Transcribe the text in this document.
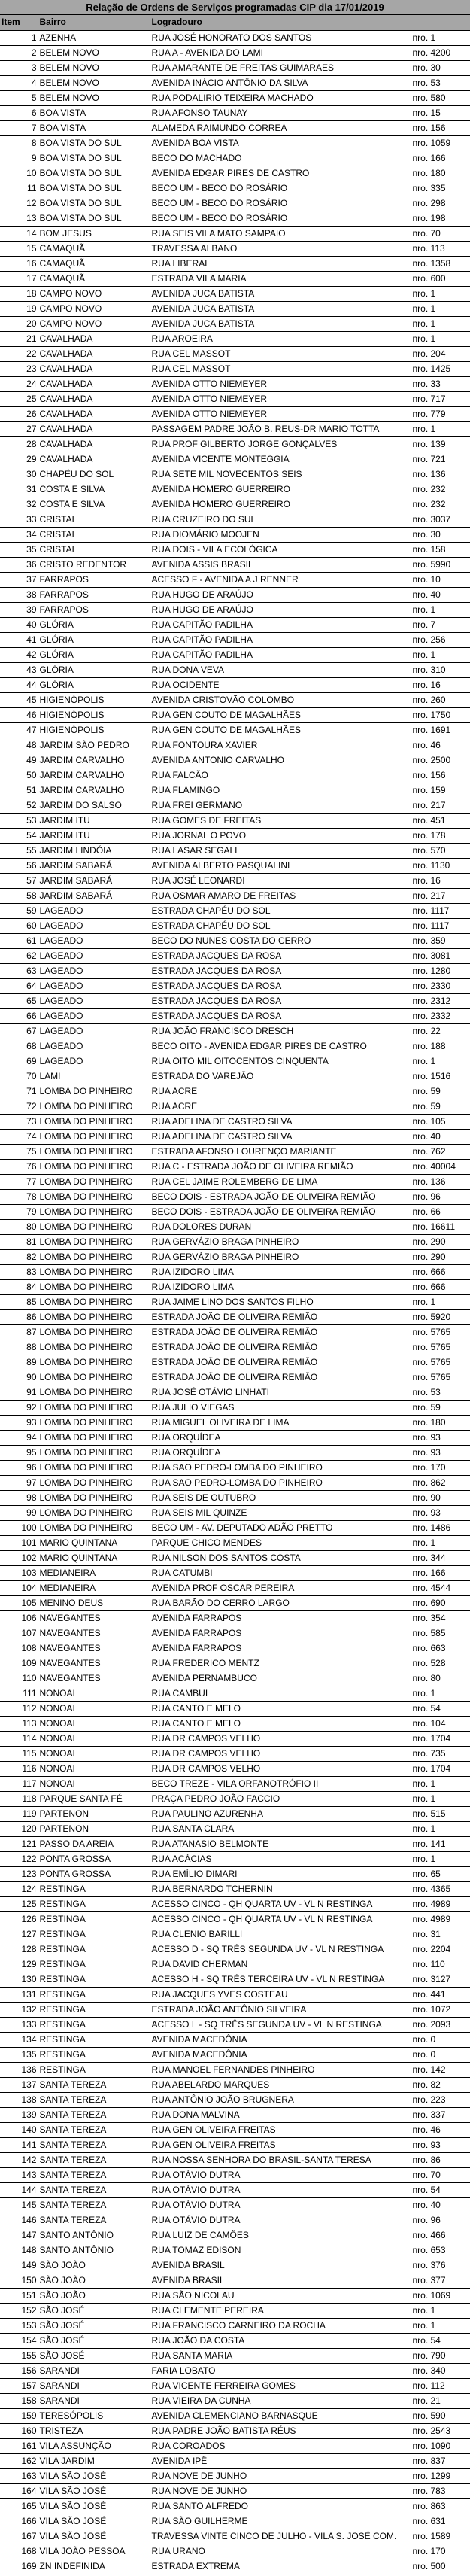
Relação de Ordens de Serviços programadas CIP dia 17/01/2019
Item	Bairro	Logradouro	
1	AZENHA	RUA JOSÉ HONORATO DOS SANTOS	nro. 1
2	BELEM NOVO	RUA A - AVENIDA DO LAMI	nro. 4200
3	BELEM NOVO	RUA AMARANTE DE FREITAS GUIMARAES	nro. 30
4	BELEM NOVO	AVENIDA INÁCIO ANTÔNIO DA SILVA	nro. 53
5	BELEM NOVO	RUA PODALIRIO TEIXEIRA MACHADO	nro. 580
6	BOA VISTA	RUA AFONSO TAUNAY	nro. 15
7	BOA VISTA	ALAMEDA RAIMUNDO CORREA	nro. 156
8	BOA VISTA DO SUL	AVENIDA BOA VISTA	nro. 1059
9	BOA VISTA DO SUL	BECO DO MACHADO	nro. 166
10	BOA VISTA DO SUL	AVENIDA EDGAR PIRES DE CASTRO	nro. 180
11	BOA VISTA DO SUL	BECO UM - BECO DO ROSÁRIO	nro. 335
12	BOA VISTA DO SUL	BECO UM - BECO DO ROSÁRIO	nro. 298
13	BOA VISTA DO SUL	BECO UM - BECO DO ROSÁRIO	nro. 198
14	BOM JESUS	RUA SEIS VILA MATO SAMPAIO	nro. 70
15	CAMAQUÃ	TRAVESSA ALBANO	nro. 113
16	CAMAQUÃ	RUA LIBERAL	nro. 1358
17	CAMAQUÃ	ESTRADA VILA MARIA	nro. 600
18	CAMPO NOVO	AVENIDA JUCA BATISTA	nro. 1
19	CAMPO NOVO	AVENIDA JUCA BATISTA	nro. 1
20	CAMPO NOVO	AVENIDA JUCA BATISTA	nro. 1
21	CAVALHADA	RUA AROEIRA	nro. 1
22	CAVALHADA	RUA CEL MASSOT	nro. 204
23	CAVALHADA	RUA CEL MASSOT	nro. 1425
24	CAVALHADA	AVENIDA OTTO NIEMEYER	nro. 33
25	CAVALHADA	AVENIDA OTTO NIEMEYER	nro. 717
26	CAVALHADA	AVENIDA OTTO NIEMEYER	nro. 779
27	CAVALHADA	PASSAGEM PADRE JOÃO B. REUS-DR MARIO TOTTA	nro. 1
28	CAVALHADA	RUA PROF GILBERTO JORGE GONÇALVES	nro. 139
29	CAVALHADA	AVENIDA VICENTE MONTEGGIA	nro. 721
30	CHAPÉU DO SOL	RUA SETE MIL NOVECENTOS SEIS	nro. 136
31	COSTA E SILVA	AVENIDA HOMERO GUERREIRO	nro. 232
32	COSTA E SILVA	AVENIDA HOMERO GUERREIRO	nro. 232
33	CRISTAL	RUA CRUZEIRO DO SUL	nro. 3037
34	CRISTAL	RUA DIOMÁRIO MOOJEN	nro. 30
35	CRISTAL	RUA DOIS - VILA ECOLÓGICA	nro. 158
36	CRISTO REDENTOR	AVENIDA ASSIS BRASIL	nro. 5990
37	FARRAPOS	ACESSO F - AVENIDA A J RENNER	nro. 10
38	FARRAPOS	RUA HUGO DE ARAÚJO	nro. 40
39	FARRAPOS	RUA HUGO DE ARAÚJO	nro. 1
40	GLÓRIA	RUA CAPITÃO PADILHA	nro. 7
41	GLÓRIA	RUA CAPITÃO PADILHA	nro. 256
42	GLÓRIA	RUA CAPITÃO PADILHA	nro. 1
43	GLÓRIA	RUA DONA VEVA	nro. 310
44	GLÓRIA	RUA OCIDENTE	nro. 16
45	HIGIENÓPOLIS	AVENIDA CRISTOVÃO COLOMBO	nro. 260
46	HIGIENÓPOLIS	RUA GEN COUTO DE MAGALHÃES	nro. 1750
47	HIGIENÓPOLIS	RUA GEN COUTO DE MAGALHÃES	nro. 1691
48	JARDIM SÃO PEDRO	RUA FONTOURA XAVIER	nro. 46
49	JARDIM CARVALHO	AVENIDA ANTONIO CARVALHO	nro. 2500
50	JARDIM CARVALHO	RUA FALCÃO	nro. 156
51	JARDIM CARVALHO	RUA FLAMINGO	nro. 159
52	JARDIM DO SALSO	RUA FREI GERMANO	nro. 217
53	JARDIM ITU	RUA GOMES DE FREITAS	nro. 451
54	JARDIM ITU	RUA JORNAL O POVO	nro. 178
55	JARDIM LINDÓIA	RUA LASAR SEGALL	nro. 570
56	JARDIM SABARÁ	AVENIDA ALBERTO PASQUALINI	nro. 1130
57	JARDIM SABARÁ	RUA JOSÉ LEONARDI	nro. 16
58	JARDIM SABARÁ	RUA OSMAR AMARO DE FREITAS	nro. 217
59	LAGEADO	ESTRADA CHAPÉU DO SOL	nro. 1117
60	LAGEADO	ESTRADA CHAPÉU DO SOL	nro. 1117
61	LAGEADO	BECO DO NUNES COSTA DO CERRO	nro. 359
62	LAGEADO	ESTRADA JACQUES DA ROSA	nro. 3081
63	LAGEADO	ESTRADA JACQUES DA ROSA	nro. 1280
64	LAGEADO	ESTRADA JACQUES DA ROSA	nro. 2330
65	LAGEADO	ESTRADA JACQUES DA ROSA	nro. 2312
66	LAGEADO	ESTRADA JACQUES DA ROSA	nro. 2332
67	LAGEADO	RUA JOÃO FRANCISCO DRESCH	nro. 22
68	LAGEADO	BECO OITO - AVENIDA EDGAR PIRES DE CASTRO	nro. 188
69	LAGEADO	RUA OITO MIL OITOCENTOS CINQUENTA	nro. 1
70	LAMI	ESTRADA DO VAREJÃO	nro. 1516
71	LOMBA DO PINHEIRO	RUA ACRE	nro. 59
72	LOMBA DO PINHEIRO	RUA ACRE	nro. 59
73	LOMBA DO PINHEIRO	RUA ADELINA DE CASTRO SILVA	nro. 105
74	LOMBA DO PINHEIRO	RUA ADELINA DE CASTRO SILVA	nro. 40
75	LOMBA DO PINHEIRO	ESTRADA AFONSO LOURENÇO MARIANTE	nro. 762
76	LOMBA DO PINHEIRO	RUA C - ESTRADA JOÃO DE OLIVEIRA REMIÃO	nro. 40004
77	LOMBA DO PINHEIRO	RUA CEL JAIME ROLEMBERG DE LIMA	nro. 136
78	LOMBA DO PINHEIRO	BECO DOIS - ESTRADA JOÃO DE OLIVEIRA REMIÃO	nro. 96
79	LOMBA DO PINHEIRO	BECO DOIS - ESTRADA JOÃO DE OLIVEIRA REMIÃO	nro. 66
80	LOMBA DO PINHEIRO	RUA DOLORES DURAN	nro. 16611
81	LOMBA DO PINHEIRO	RUA GERVÁZIO BRAGA PINHEIRO	nro. 290
82	LOMBA DO PINHEIRO	RUA GERVÁZIO BRAGA PINHEIRO	nro. 290
83	LOMBA DO PINHEIRO	RUA IZIDORO LIMA	nro. 666
84	LOMBA DO PINHEIRO	RUA IZIDORO LIMA	nro. 666
85	LOMBA DO PINHEIRO	RUA JAIME LINO DOS SANTOS FILHO	nro. 1
86	LOMBA DO PINHEIRO	ESTRADA JOÃO DE OLIVEIRA REMIÃO	nro. 5920
87	LOMBA DO PINHEIRO	ESTRADA JOÃO DE OLIVEIRA REMIÃO	nro. 5765
88	LOMBA DO PINHEIRO	ESTRADA JOÃO DE OLIVEIRA REMIÃO	nro. 5765
89	LOMBA DO PINHEIRO	ESTRADA JOÃO DE OLIVEIRA REMIÃO	nro. 5765
90	LOMBA DO PINHEIRO	ESTRADA JOÃO DE OLIVEIRA REMIÃO	nro. 5765
91	LOMBA DO PINHEIRO	RUA JOSÉ OTÁVIO LINHATI	nro. 53
92	LOMBA DO PINHEIRO	RUA JULIO VIEGAS	nro. 59
93	LOMBA DO PINHEIRO	RUA MIGUEL OLIVEIRA DE LIMA	nro. 180
94	LOMBA DO PINHEIRO	RUA ORQUÍDEA	nro. 93
95	LOMBA DO PINHEIRO	RUA ORQUÍDEA	nro. 93
96	LOMBA DO PINHEIRO	RUA SAO PEDRO-LOMBA DO PINHEIRO	nro. 170
97	LOMBA DO PINHEIRO	RUA SAO PEDRO-LOMBA DO PINHEIRO	nro. 862
98	LOMBA DO PINHEIRO	RUA SEIS DE OUTUBRO	nro. 90
99	LOMBA DO PINHEIRO	RUA SEIS MIL QUINZE	nro. 93
100	LOMBA DO PINHEIRO	BECO UM - AV. DEPUTADO ADÃO PRETTO	nro. 1486
101	MARIO QUINTANA	PARQUE CHICO MENDES	nro. 1
102	MARIO QUINTANA	RUA NILSON DOS SANTOS COSTA	nro. 344
103	MEDIANEIRA	RUA CATUMBI	nro. 166
104	MEDIANEIRA	AVENIDA PROF OSCAR PEREIRA	nro. 4544
105	MENINO DEUS	RUA BARÃO DO CERRO LARGO	nro. 690
106	NAVEGANTES	AVENIDA FARRAPOS	nro. 354
107	NAVEGANTES	AVENIDA FARRAPOS	nro. 585
108	NAVEGANTES	AVENIDA FARRAPOS	nro. 663
109	NAVEGANTES	RUA FREDERICO MENTZ	nro. 528
110	NAVEGANTES	AVENIDA PERNAMBUCO	nro. 80
111	NONOAI	RUA CAMBUI	nro. 1
112	NONOAI	RUA CANTO E MELO	nro. 54
113	NONOAI	RUA CANTO E MELO	nro. 104
114	NONOAI	RUA DR CAMPOS VELHO	nro. 1704
115	NONOAI	RUA DR CAMPOS VELHO	nro. 735
116	NONOAI	RUA DR CAMPOS VELHO	nro. 1704
117	NONOAI	BECO TREZE - VILA ORFANOTRÓFIO II	nro. 1
118	PARQUE SANTA FÉ	PRAÇA PEDRO JOÃO FACCIO	nro. 1
119	PARTENON	RUA PAULINO AZURENHA	nro. 515
120	PARTENON	RUA SANTA CLARA	nro. 1
121	PASSO DA AREIA	RUA ATANASIO BELMONTE	nro. 141
122	PONTA GROSSA	RUA ACÁCIAS	nro. 1
123	PONTA GROSSA	RUA EMÍLIO DIMARI	nro. 65
124	RESTINGA	RUA BERNARDO TCHERNIN	nro. 4365
125	RESTINGA	ACESSO CINCO - QH QUARTA UV - VL N RESTINGA	nro. 4989
126	RESTINGA	ACESSO CINCO - QH QUARTA UV - VL N RESTINGA	nro. 4989
127	RESTINGA	RUA CLENIO BARILLI	nro. 31
128	RESTINGA	ACESSO D - SQ TRÊS SEGUNDA UV - VL N RESTINGA	nro. 2204
129	RESTINGA	RUA DAVID CHERMAN	nro. 110
130	RESTINGA	ACESSO H - SQ TRÊS TERCEIRA UV - VL N RESTINGA	nro. 3127
131	RESTINGA	RUA JACQUES YVES COSTEAU	nro. 441
132	RESTINGA	ESTRADA JOÃO ANTÔNIO SILVEIRA	nro. 1072
133	RESTINGA	ACESSO L - SQ TRÊS SEGUNDA UV - VL N RESTINGA	nro. 2093
134	RESTINGA	AVENIDA MACEDÔNIA	nro. 0
135	RESTINGA	AVENIDA MACEDÔNIA	nro. 0
136	RESTINGA	RUA MANOEL FERNANDES PINHEIRO	nro. 142
137	SANTA TEREZA	RUA ABELARDO MARQUES	nro. 82
138	SANTA TEREZA	RUA ANTÔNIO JOÃO BRUGNERA	nro. 223
139	SANTA TEREZA	RUA DONA MALVINA	nro. 337
140	SANTA TEREZA	RUA GEN OLIVEIRA FREITAS	nro. 46
141	SANTA TEREZA	RUA GEN OLIVEIRA FREITAS	nro. 93
142	SANTA TEREZA	RUA NOSSA SENHORA DO BRASIL-SANTA TERESA	nro. 86
143	SANTA TEREZA	RUA OTÁVIO DUTRA	nro. 70
144	SANTA TEREZA	RUA OTÁVIO DUTRA	nro. 54
145	SANTA TEREZA	RUA OTÁVIO DUTRA	nro. 40
146	SANTA TEREZA	RUA OTÁVIO DUTRA	nro. 96
147	SANTO ANTÔNIO	RUA LUIZ DE CAMÕES	nro. 466
148	SANTO ANTÔNIO	RUA TOMAZ EDISON	nro. 653
149	SÃO JOÃO	AVENIDA BRASIL	nro. 376
150	SÃO JOÃO	AVENIDA BRASIL	nro. 377
151	SÃO JOÃO	RUA SÃO NICOLAU	nro. 1069
152	SÃO JOSÉ	RUA CLEMENTE PEREIRA	nro. 1
153	SÃO JOSÉ	RUA FRANCISCO CARNEIRO DA ROCHA	nro. 1
154	SÃO JOSÉ	RUA JOÃO DA COSTA	nro. 54
155	SÃO JOSÉ	RUA SANTA MARIA	nro. 790
156	SARANDI	FARIA LOBATO	nro. 340
157	SARANDI	RUA VICENTE FERREIRA GOMES	nro. 112
158	SARANDI	RUA VIEIRA DA CUNHA	nro. 21
159	TERESÓPOLIS	AVENIDA CLEMENCIANO BARNASQUE	nro. 590
160	TRISTEZA	RUA PADRE JOÃO BATISTA RÉUS	nro. 2543
161	VILA ASSUNÇÃO	RUA COROADOS	nro. 1090
162	VILA JARDIM	AVENIDA IPÊ	nro. 837
163	VILA SÃO JOSÉ	RUA NOVE DE JUNHO	nro. 1299
164	VILA SÃO JOSÉ	RUA NOVE DE JUNHO	nro. 783
165	VILA SÃO JOSÉ	RUA SANTO ALFREDO	nro. 863
166	VILA SÃO JOSÉ	RUA SÃO GUILHERME	nro. 631
167	VILA SÃO JOSÉ	TRAVESSA VINTE CINCO DE JULHO - VILA S. JOSÉ COM.	nro. 1589
168	VILA JOÃO PESSOA	RUA URANO	nro. 170
169	ZN INDEFINIDA	ESTRADA EXTREMA	nro. 500
